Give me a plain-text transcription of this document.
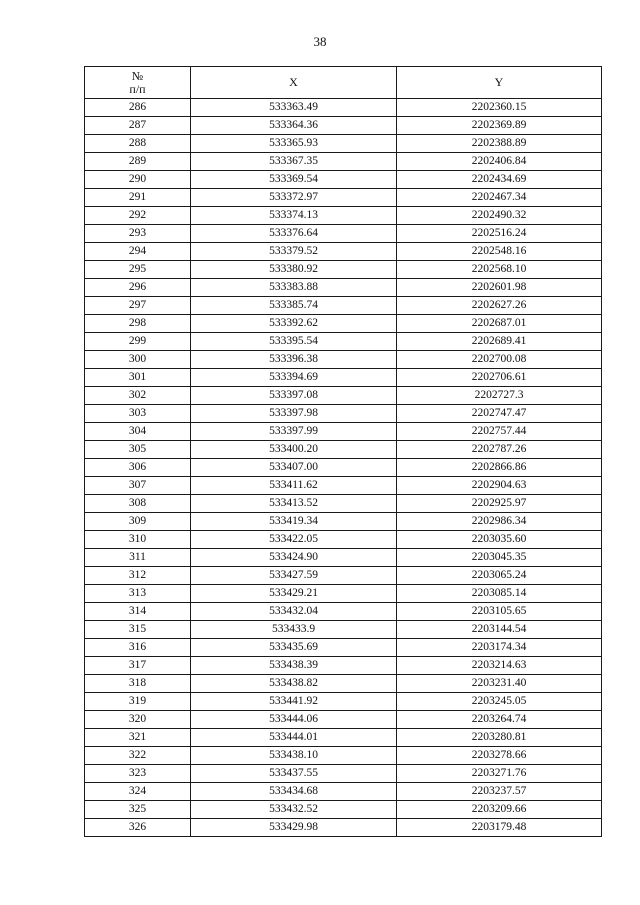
38
№
п/п	X	Y
286	533363.49	2202360.15
287	533364.36	2202369.89
288	533365.93	2202388.89
289	533367.35	2202406.84
290	533369.54	2202434.69
291	533372.97	2202467.34
292	533374.13	2202490.32
293	533376.64	2202516.24
294	533379.52	2202548.16
295	533380.92	2202568.10
296	533383.88	2202601.98
297	533385.74	2202627.26
298	533392.62	2202687.01
299	533395.54	2202689.41
300	533396.38	2202700.08
301	533394.69	2202706.61
302	533397.08	2202727.3
303	533397.98	2202747.47
304	533397.99	2202757.44
305	533400.20	2202787.26
306	533407.00	2202866.86
307	533411.62	2202904.63
308	533413.52	2202925.97
309	533419.34	2202986.34
310	533422.05	2203035.60
311	533424.90	2203045.35
312	533427.59	2203065.24
313	533429.21	2203085.14
314	533432.04	2203105.65
315	533433.9	2203144.54
316	533435.69	2203174.34
317	533438.39	2203214.63
318	533438.82	2203231.40
319	533441.92	2203245.05
320	533444.06	2203264.74
321	533444.01	2203280.81
322	533438.10	2203278.66
323	533437.55	2203271.76
324	533434.68	2203237.57
325	533432.52	2203209.66
326	533429.98	2203179.48
